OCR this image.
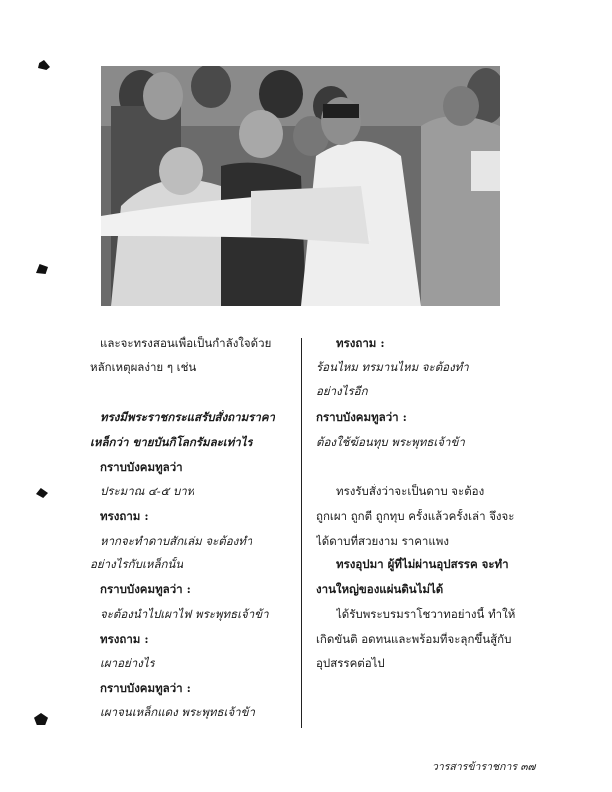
และจะทรงสอนเพื่อเป็นกำลังใจด้วย
หลักเหตุผลง่าย ๆ เช่น
ทรงมีพระราชกระแสรับสั่งถามราคา
เหล็กว่า ขายบันกิโลกรัมละเท่าไร
กราบบังคมทูลว่า
ประมาณ ๔-๕ บาท
ทรงถาม :
หากจะทำดาบสักเล่ม จะต้องทำ
อย่างไรกับเหล็กนั้น
กราบบังคมทูลว่า :
จะต้องนำไปเผาไฟ พระพุทธเจ้าข้า
ทรงถาม :
เผาอย่างไร
กราบบังคมทูลว่า :
เผาจนเหล็กแดง พระพุทธเจ้าข้า
ทรงถาม :
ร้อนไหม ทรมานไหม จะต้องทำ
อย่างไรอีก
กราบบังคมทูลว่า :
ต้องใช้ฆ้อนทุบ พระพุทธเจ้าข้า
ทรงรับสั่งว่าจะเป็นดาบ จะต้อง
ถูกเผา ถูกตี ถูกทุบ ครั้งแล้วครั้งเล่า จึงจะ
ได้ดาบที่สวยงาม ราคาแพง
ทรงอุปมา ผู้ที่ไม่ผ่านอุปสรรค จะทำ
งานใหญ่ของแผ่นดินไม่ได้
ได้รับพระบรมราโชวาทอย่างนี้ ทำให้
เกิดขันติ อดทนและพร้อมที่จะลุกขึ้นสู้กับ
อุปสรรคต่อไป
วารสารข้าราชการ ๓๗
